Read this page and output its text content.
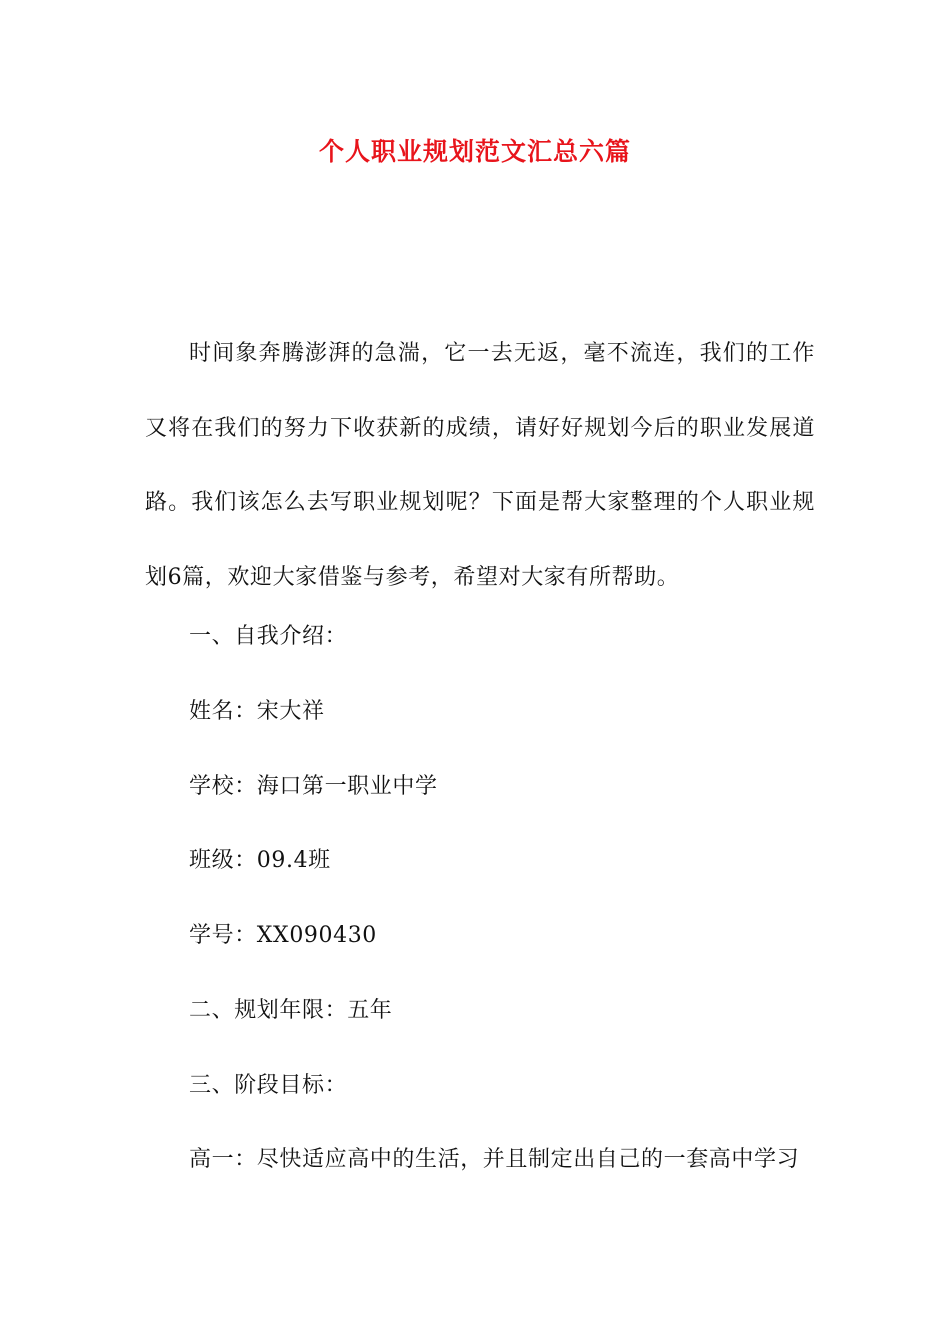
个人职业规划范文汇总六篇

时间象奔腾澎湃的急湍，它一去无返，毫不流连，我们的工作又将在我们的努力下收获新的成绩，请好好规划今后的职业发展道路。我们该怎么去写职业规划呢？下面是帮大家整理的个人职业规划6篇，欢迎大家借鉴与参考，希望对大家有所帮助。

一、自我介绍：

姓名：宋大祥

学校：海口第一职业中学

班级：09.4班

学号：XX090430

二、规划年限：五年

三、阶段目标：

高一：尽快适应高中的生活，并且制定出自己的一套高中学习
